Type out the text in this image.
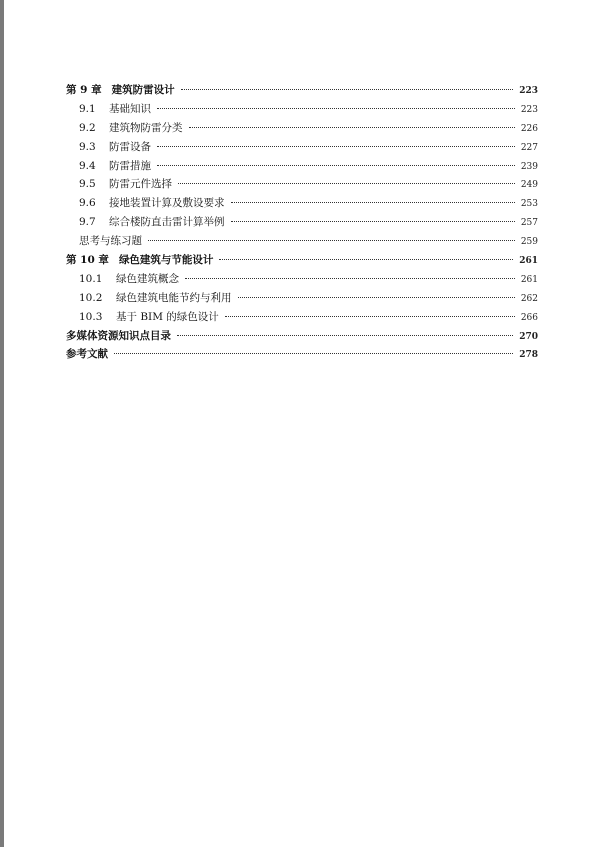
第 9 章 建筑防雷设计	223
9.1	基础知识	223
9.2	建筑物防雷分类	226
9.3	防雷设备	227
9.4	防雷措施	239
9.5	防雷元件选择	249
9.6	接地装置计算及敷设要求	253
9.7	综合楼防直击雷计算举例	257
思考与练习题	259
第 10 章 绿色建筑与节能设计	261
10.1	绿色建筑概念	261
10.2	绿色建筑电能节约与利用	262
10.3	基于 BIM 的绿色设计	266
多媒体资源知识点目录	270
参考文献	278
